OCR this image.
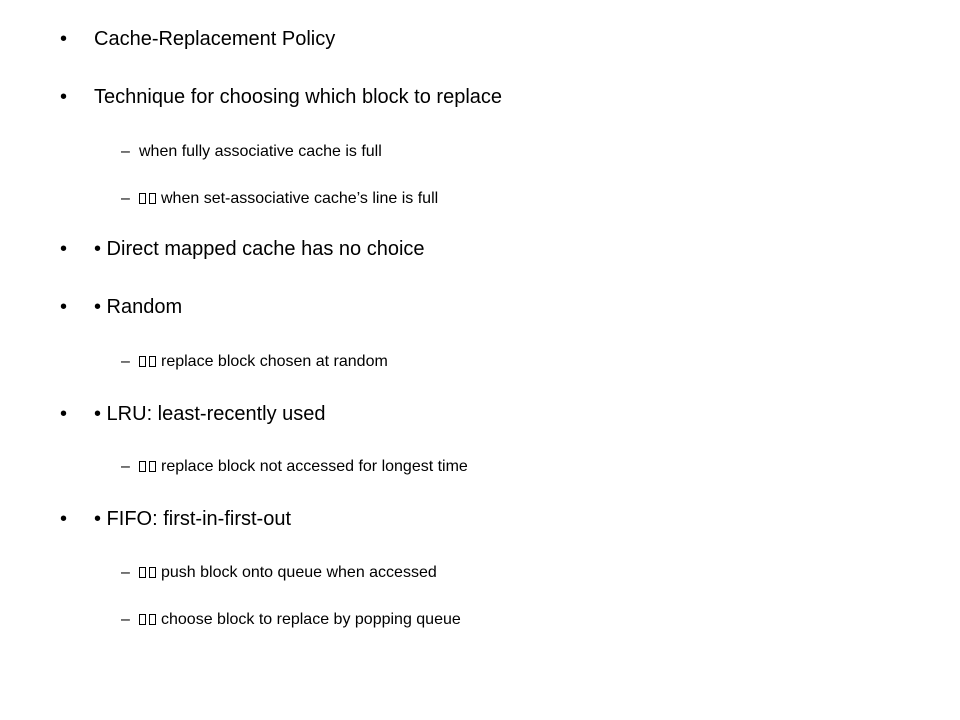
• Cache-Replacement Policy
• Technique for choosing which block to replace
– when fully associative cache is full
–	when set-associative cache’s line is full
• • Direct mapped cache has no choice
• • Random
–	replace block chosen at random
• • LRU: least-recently used
–	replace block not accessed for longest time
• • FIFO: first-in-first-out
–	push block onto queue when accessed
–	choose block to replace by popping queue
